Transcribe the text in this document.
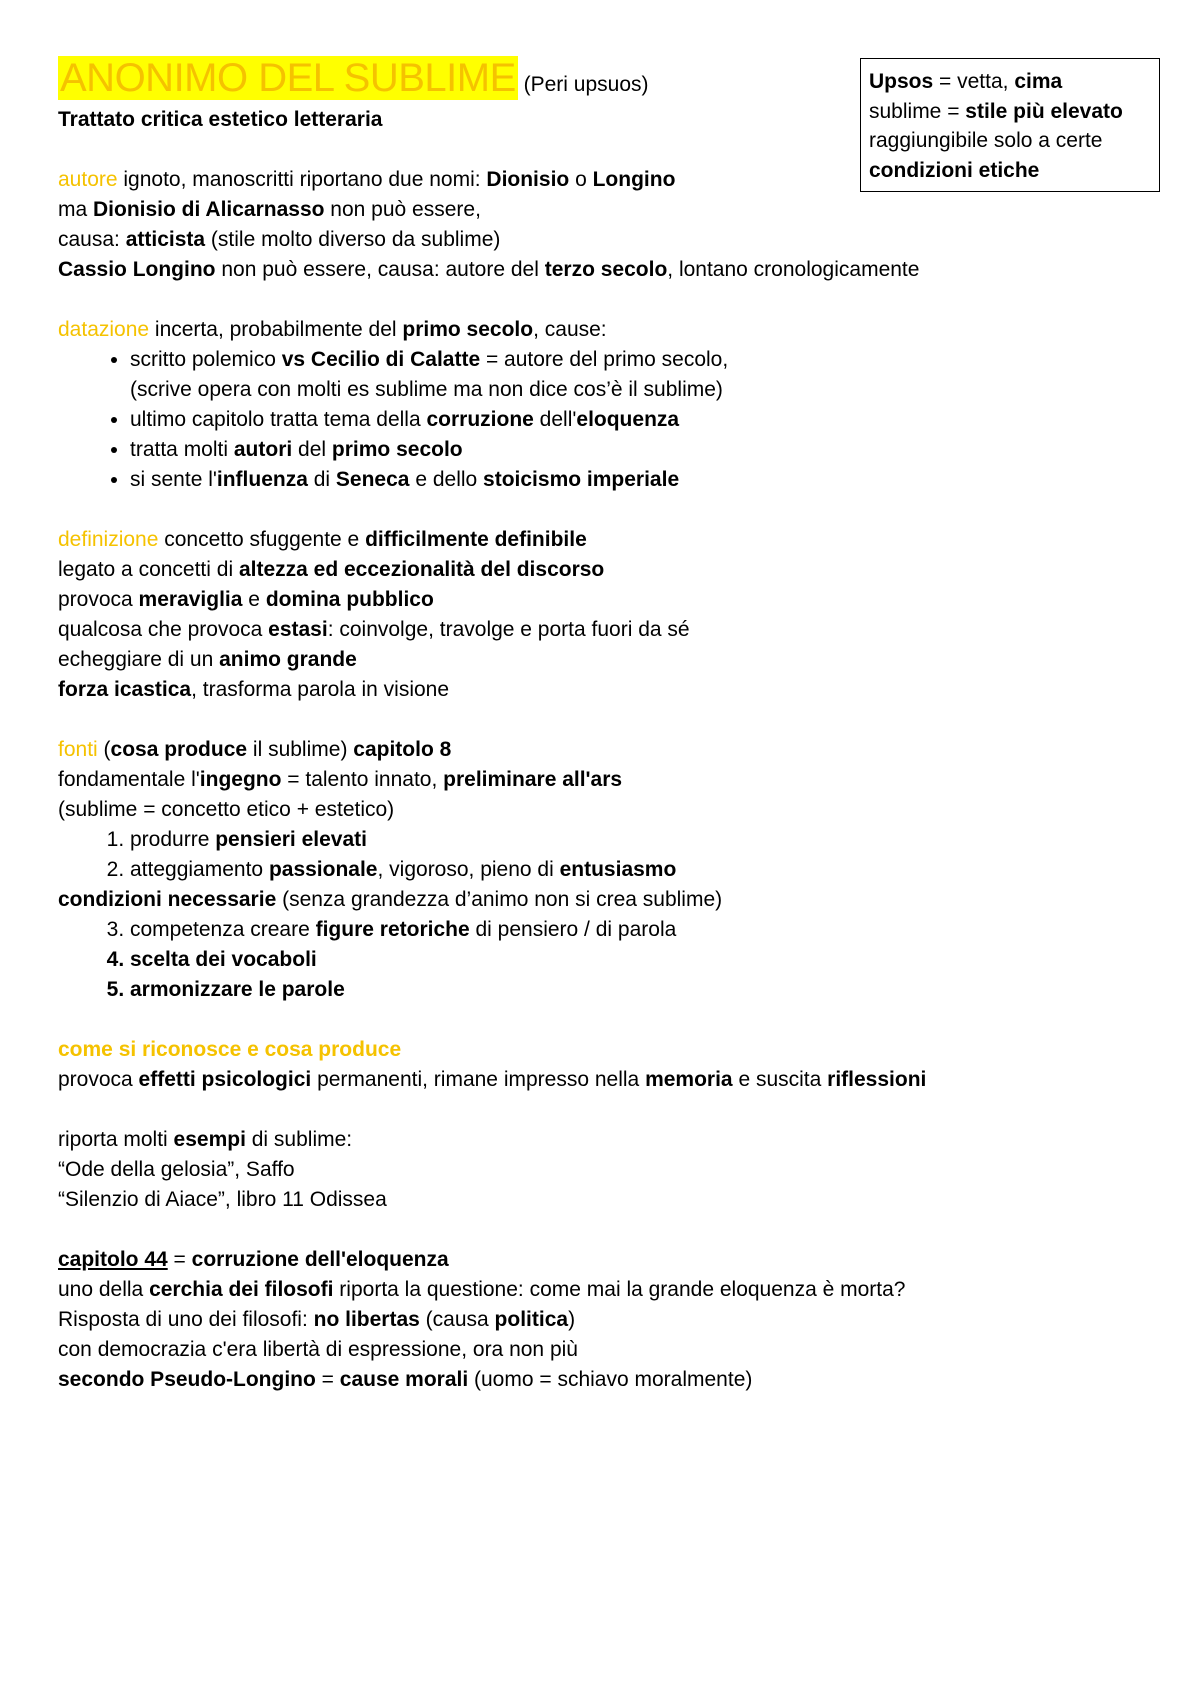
Upsos = vetta, cima
sublime = stile più elevato
raggiungibile solo a certe
condizioni etiche
ANONIMO DEL SUBLIME (Peri upsuos)
Trattato critica estetico letteraria
autore ignoto, manoscritti riportano due nomi: Dionisio o Longino
ma Dionisio di Alicarnasso non può essere,
causa: atticista (stile molto diverso da sublime)
Cassio Longino non può essere, causa: autore del terzo secolo, lontano cronologicamente
datazione incerta, probabilmente del primo secolo, cause:
• scritto polemico vs Cecilio di Calatte = autore del primo secolo,
(scrive opera con molti es sublime ma non dice cos’è il sublime)
• ultimo capitolo tratta tema della corruzione dell'eloquenza
• tratta molti autori del primo secolo
• si sente l'influenza di Seneca e dello stoicismo imperiale
definizione concetto sfuggente e difficilmente definibile
legato a concetti di altezza ed eccezionalità del discorso
provoca meraviglia e domina pubblico
qualcosa che provoca estasi: coinvolge, travolge e porta fuori da sé
echeggiare di un animo grande
forza icastica, trasforma parola in visione
fonti (cosa produce il sublime) capitolo 8
fondamentale l'ingegno = talento innato, preliminare all'ars
(sublime = concetto etico + estetico)
1. produrre pensieri elevati
2. atteggiamento passionale, vigoroso, pieno di entusiasmo
condizioni necessarie (senza grandezza d’animo non si crea sublime)
3. competenza creare figure retoriche di pensiero / di parola
4. scelta dei vocaboli
5. armonizzare le parole
come si riconosce e cosa produce
provoca effetti psicologici permanenti, rimane impresso nella memoria e suscita riflessioni
riporta molti esempi di sublime:
“Ode della gelosia”, Saffo
“Silenzio di Aiace”, libro 11 Odissea
capitolo 44 = corruzione dell'eloquenza
uno della cerchia dei filosofi riporta la questione: come mai la grande eloquenza è morta?
Risposta di uno dei filosofi: no libertas (causa politica)
con democrazia c'era libertà di espressione, ora non più
secondo Pseudo-Longino = cause morali (uomo = schiavo moralmente)
